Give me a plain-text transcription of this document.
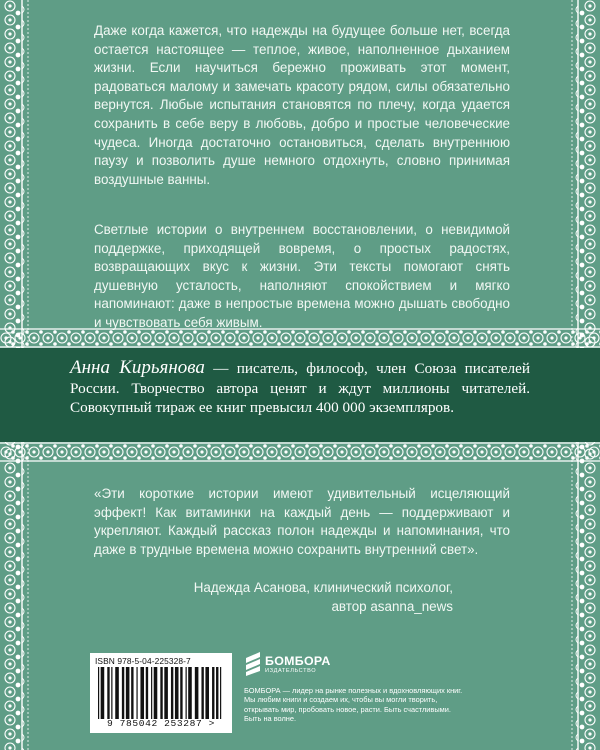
Даже когда кажется, что надежды на будущее больше нет, всегда остается настоящее — теплое, живое, наполненное дыханием жизни. Если научиться бережно проживать этот момент, радоваться малому и замечать красоту рядом, силы обязательно вернутся. Любые испытания становятся по плечу, когда удается сохранить в себе веру в любовь, добро и простые человеческие чудеса. Иногда достаточно остановиться, сделать внутреннюю паузу и позволить душе немного отдохнуть, словно принимая воздушные ванны.

Светлые истории о внутреннем восстановлении, о невидимой поддержке, приходящей вовремя, о простых радостях, возвращающих вкус к жизни. Эти тексты помогают снять душевную усталость, наполняют спокойствием и мягко напоминают: даже в непростые времена можно дышать свободно и чувствовать себя живым.

Анна Кирьянова — писатель, философ, член Союза писателей России. Творчество автора ценят и ждут миллионы читателей. Совокупный тираж ее книг превысил 400 000 экземпляров.
«Эти короткие истории имеют удивительный исцеляющий эффект! Как витаминки на каждый день — поддерживают и укрепляют. Каждый рассказ полон надежды и напоминания, что даже в трудные времена можно сохранить внутренний свет».
Надежда Асанова, клинический психолог,
автор asanna_news
ISBN 978-5-04-225328-7
9 785042 253287 >
БОМБОРА
ИЗДАТЕЛЬСТВО
БОМБОРА — лидер на рынке полезных и вдохновляющих книг. Мы любим книги и создаем их, чтобы вы могли творить, открывать мир, пробовать новое, расти. Быть счастливыми. Быть на волне.
